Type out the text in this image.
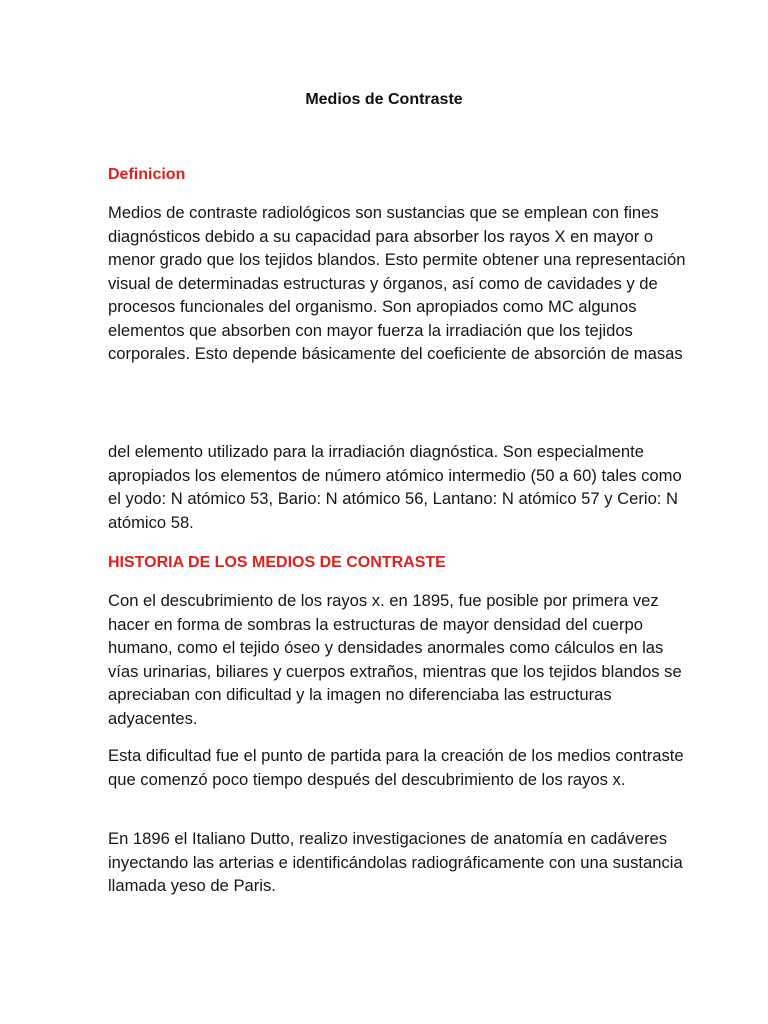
Medios de Contraste
Definicion

Medios de contraste radiológicos son sustancias que se emplean con fines diagnósticos debido a su capacidad para absorber los rayos X en mayor o menor grado que los tejidos blandos. Esto permite obtener una representación visual de determinadas estructuras y órganos, así como de cavidades y de procesos funcionales del organismo. Son apropiados como MC algunos elementos que absorben con mayor fuerza la irradiación que los tejidos corporales. Esto depende básicamente del coeficiente de absorción de masas

del elemento utilizado para la irradiación diagnóstica. Son especialmente apropiados los elementos de número atómico intermedio (50 a 60) tales como el yodo: N atómico 53, Bario: N atómico 56, Lantano: N atómico 57 y Cerio: N atómico 58.

HISTORIA DE LOS MEDIOS DE CONTRASTE

Con el descubrimiento de los rayos x. en 1895, fue posible por primera vez hacer en forma de sombras la estructuras de mayor densidad del cuerpo humano, como el tejido óseo y densidades anormales como cálculos en las vías urinarias, biliares y cuerpos extraños, mientras que los tejidos blandos se apreciaban con dificultad y la imagen no diferenciaba las estructuras adyacentes.

Esta dificultad fue el punto de partida para la creación de los medios contraste que comenzó poco tiempo después del descubrimiento de los rayos x.

En 1896 el Italiano Dutto, realizo investigaciones de anatomía en cadáveres inyectando las arterias e identificándolas radiográficamente con una sustancia llamada yeso de Paris.
